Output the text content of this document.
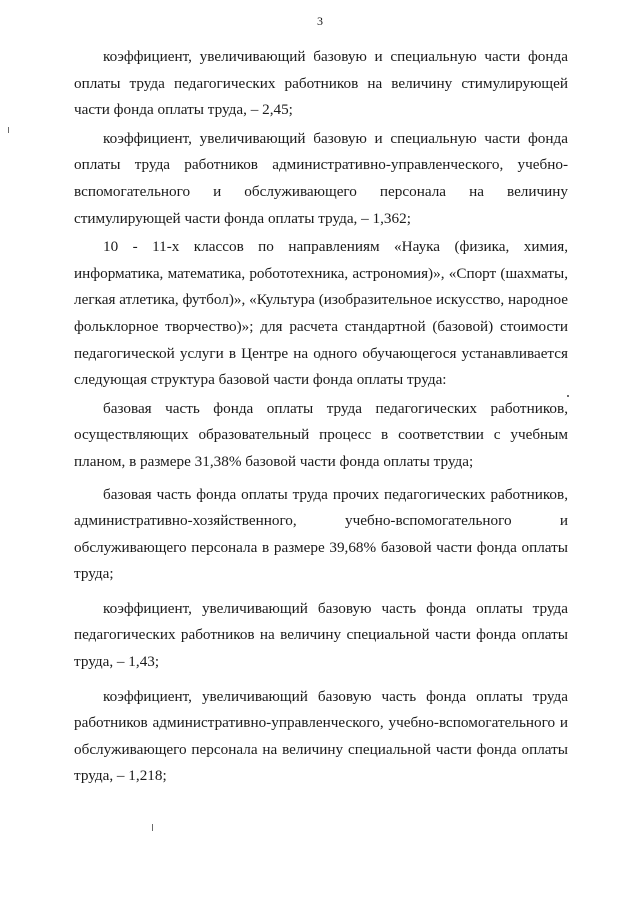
3

коэффициент, увеличивающий базовую и специальную части фонда оплаты труда педагогических работников на величину стимулирующей части фонда оплаты труда, – 2,45;

коэффициент, увеличивающий базовую и специальную части фонда оплаты труда работников административно-управленческого, учебно-вспомогательного и обслуживающего персонала на величину стимулирующей части фонда оплаты труда, – 1,362;

10 - 11-х классов по направлениям «Наука (физика, химия, информатика, математика, робототехника, астрономия)», «Спорт (шахматы, легкая атлетика, футбол)», «Культура (изобразительное искусство, народное фольклорное творчество)»; для расчета стандартной (базовой) стоимости педагогической услуги в Центре на одного обучающегося устанавливается следующая структура базовой части фонда оплаты труда:

базовая часть фонда оплаты труда педагогических работников, осуществляющих образовательный процесс в соответствии с учебным планом, в размере 31,38% базовой части фонда оплаты труда;

базовая часть фонда оплаты труда прочих педагогических работников, административно-хозяйственного, учебно-вспомогательного и обслуживающего персонала в размере 39,68% базовой части фонда оплаты труда;

коэффициент, увеличивающий базовую часть фонда оплаты труда педагогических работников на величину специальной части фонда оплаты труда, – 1,43;

коэффициент, увеличивающий базовую часть фонда оплаты труда работников административно-управленческого, учебно-вспомогательного и обслуживающего персонала на величину специальной части фонда оплаты труда, – 1,218;
